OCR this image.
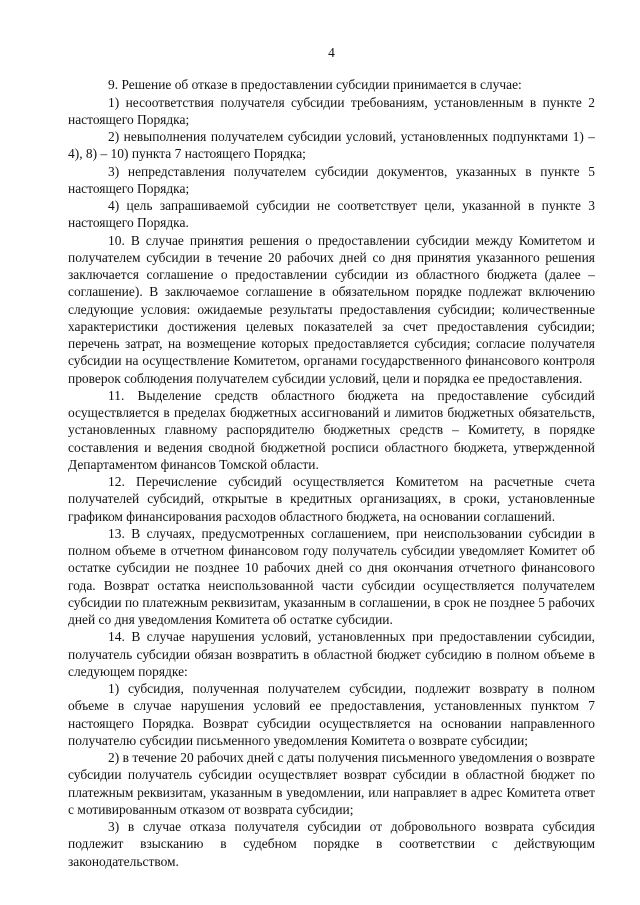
4

9. Решение об отказе в предоставлении субсидии принимается в случае:

1) несоответствия получателя субсидии требованиям, установленным в пункте 2 настоящего Порядка;

2) невыполнения получателем субсидии условий, установленных подпунктами 1) – 4), 8) – 10) пункта 7 настоящего Порядка;

3) непредставления получателем субсидии документов, указанных в пункте 5 настоящего Порядка;

4) цель запрашиваемой субсидии не соответствует цели, указанной в пункте 3 настоящего Порядка.

10. В случае принятия решения о предоставлении субсидии между Комитетом и получателем субсидии в течение 20 рабочих дней со дня принятия указанного решения заключается соглашение о предоставлении субсидии из областного бюджета (далее – соглашение). В заключаемое соглашение в обязательном порядке подлежат включению следующие условия: ожидаемые результаты предоставления субсидии; количественные характеристики достижения целевых показателей за счет предоставления субсидии; перечень затрат, на возмещение которых предоставляется субсидия; согласие получателя субсидии на осуществление Комитетом, органами государственного финансового контроля проверок соблюдения получателем субсидии условий, цели и порядка ее предоставления.

11. Выделение средств областного бюджета на предоставление субсидий осуществляется в пределах бюджетных ассигнований и лимитов бюджетных обязательств, установленных главному распорядителю бюджетных средств – Комитету, в порядке составления и ведения сводной бюджетной росписи областного бюджета, утвержденной Департаментом финансов Томской области.

12. Перечисление субсидий осуществляется Комитетом на расчетные счета получателей субсидий, открытые в кредитных организациях, в сроки, установленные графиком финансирования расходов областного бюджета, на основании соглашений.

13. В случаях, предусмотренных соглашением, при неиспользовании субсидии в полном объеме в отчетном финансовом году получатель субсидии уведомляет Комитет об остатке субсидии не позднее 10 рабочих дней со дня окончания отчетного финансового года. Возврат остатка неиспользованной части субсидии осуществляется получателем субсидии по платежным реквизитам, указанным в соглашении, в срок не позднее 5 рабочих дней со дня уведомления Комитета об остатке субсидии.

14. В случае нарушения условий, установленных при предоставлении субсидии, получатель субсидии обязан возвратить в областной бюджет субсидию в полном объеме в следующем порядке:

1) субсидия, полученная получателем субсидии, подлежит возврату в полном объеме в случае нарушения условий ее предоставления, установленных пунктом 7 настоящего Порядка. Возврат субсидии осуществляется на основании направленного получателю субсидии письменного уведомления Комитета о возврате субсидии;

2) в течение 20 рабочих дней с даты получения письменного уведомления о возврате субсидии получатель субсидии осуществляет возврат субсидии в областной бюджет по платежным реквизитам, указанным в уведомлении, или направляет в адрес Комитета ответ с мотивированным отказом от возврата субсидии;

3) в случае отказа получателя субсидии от добровольного возврата субсидия подлежит взысканию в судебном порядке в соответствии с действующим законодательством.
